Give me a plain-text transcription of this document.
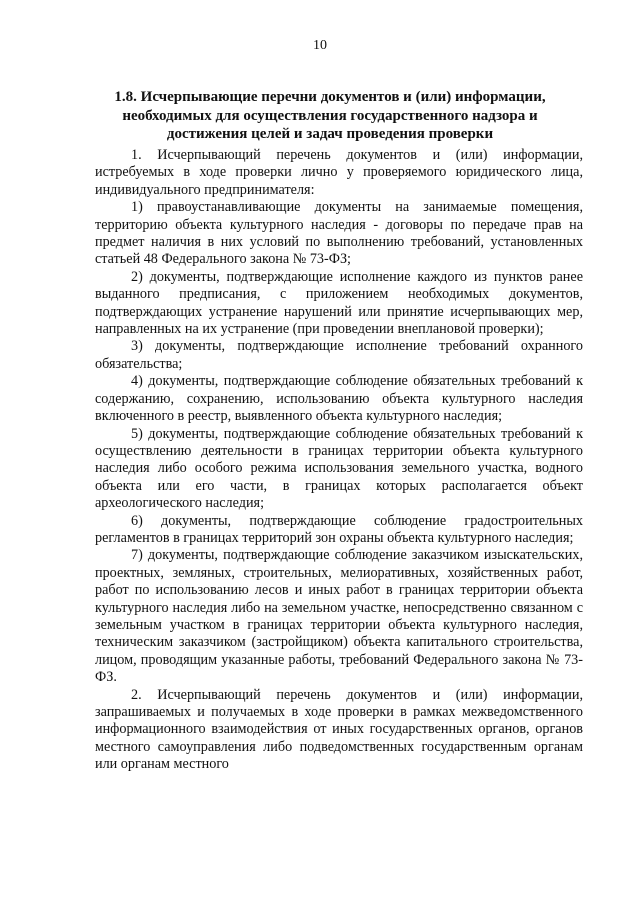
10
1.8. Исчерпывающие перечни документов и (или) информации, необходимых для осуществления государственного надзора и достижения целей и задач проведения проверки

1. Исчерпывающий перечень документов и (или) информации, истребуемых в ходе проверки лично у проверяемого юридического лица, индивидуального предпринимателя:

1) правоустанавливающие документы на занимаемые помещения, территорию объекта культурного наследия - договоры по передаче прав на предмет наличия в них условий по выполнению требований, установленных статьей 48 Федерального закона № 73-ФЗ;

2) документы, подтверждающие исполнение каждого из пунктов ранее выданного предписания, с приложением необходимых документов, подтверждающих устранение нарушений или принятие исчерпывающих мер, направленных на их устранение (при проведении внеплановой проверки);

3) документы, подтверждающие исполнение требований охранного обязательства;

4) документы, подтверждающие соблюдение обязательных требований к содержанию, сохранению, использованию объекта культурного наследия включенного в реестр, выявленного объекта культурного наследия;

5) документы, подтверждающие соблюдение обязательных требований к осуществлению деятельности в границах территории объекта культурного наследия либо особого режима использования земельного участка, водного объекта или его части, в границах которых располагается объект археологического наследия;

6) документы, подтверждающие соблюдение градостроительных регламентов в границах территорий зон охраны объекта культурного наследия;

7) документы, подтверждающие соблюдение заказчиком изыскательских, проектных, земляных, строительных, мелиоративных, хозяйственных работ, работ по использованию лесов и иных работ в границах территории объекта культурного наследия либо на земельном участке, непосредственно связанном с земельным участком в границах территории объекта культурного наследия, техническим заказчиком (застройщиком) объекта капитального строительства, лицом, проводящим указанные работы, требований Федерального закона № 73-ФЗ.

2. Исчерпывающий перечень документов и (или) информации, запрашиваемых и получаемых в ходе проверки в рамках межведомственного информационного взаимодействия от иных государственных органов, органов местного самоуправления либо подведомственных государственным органам или органам местного
